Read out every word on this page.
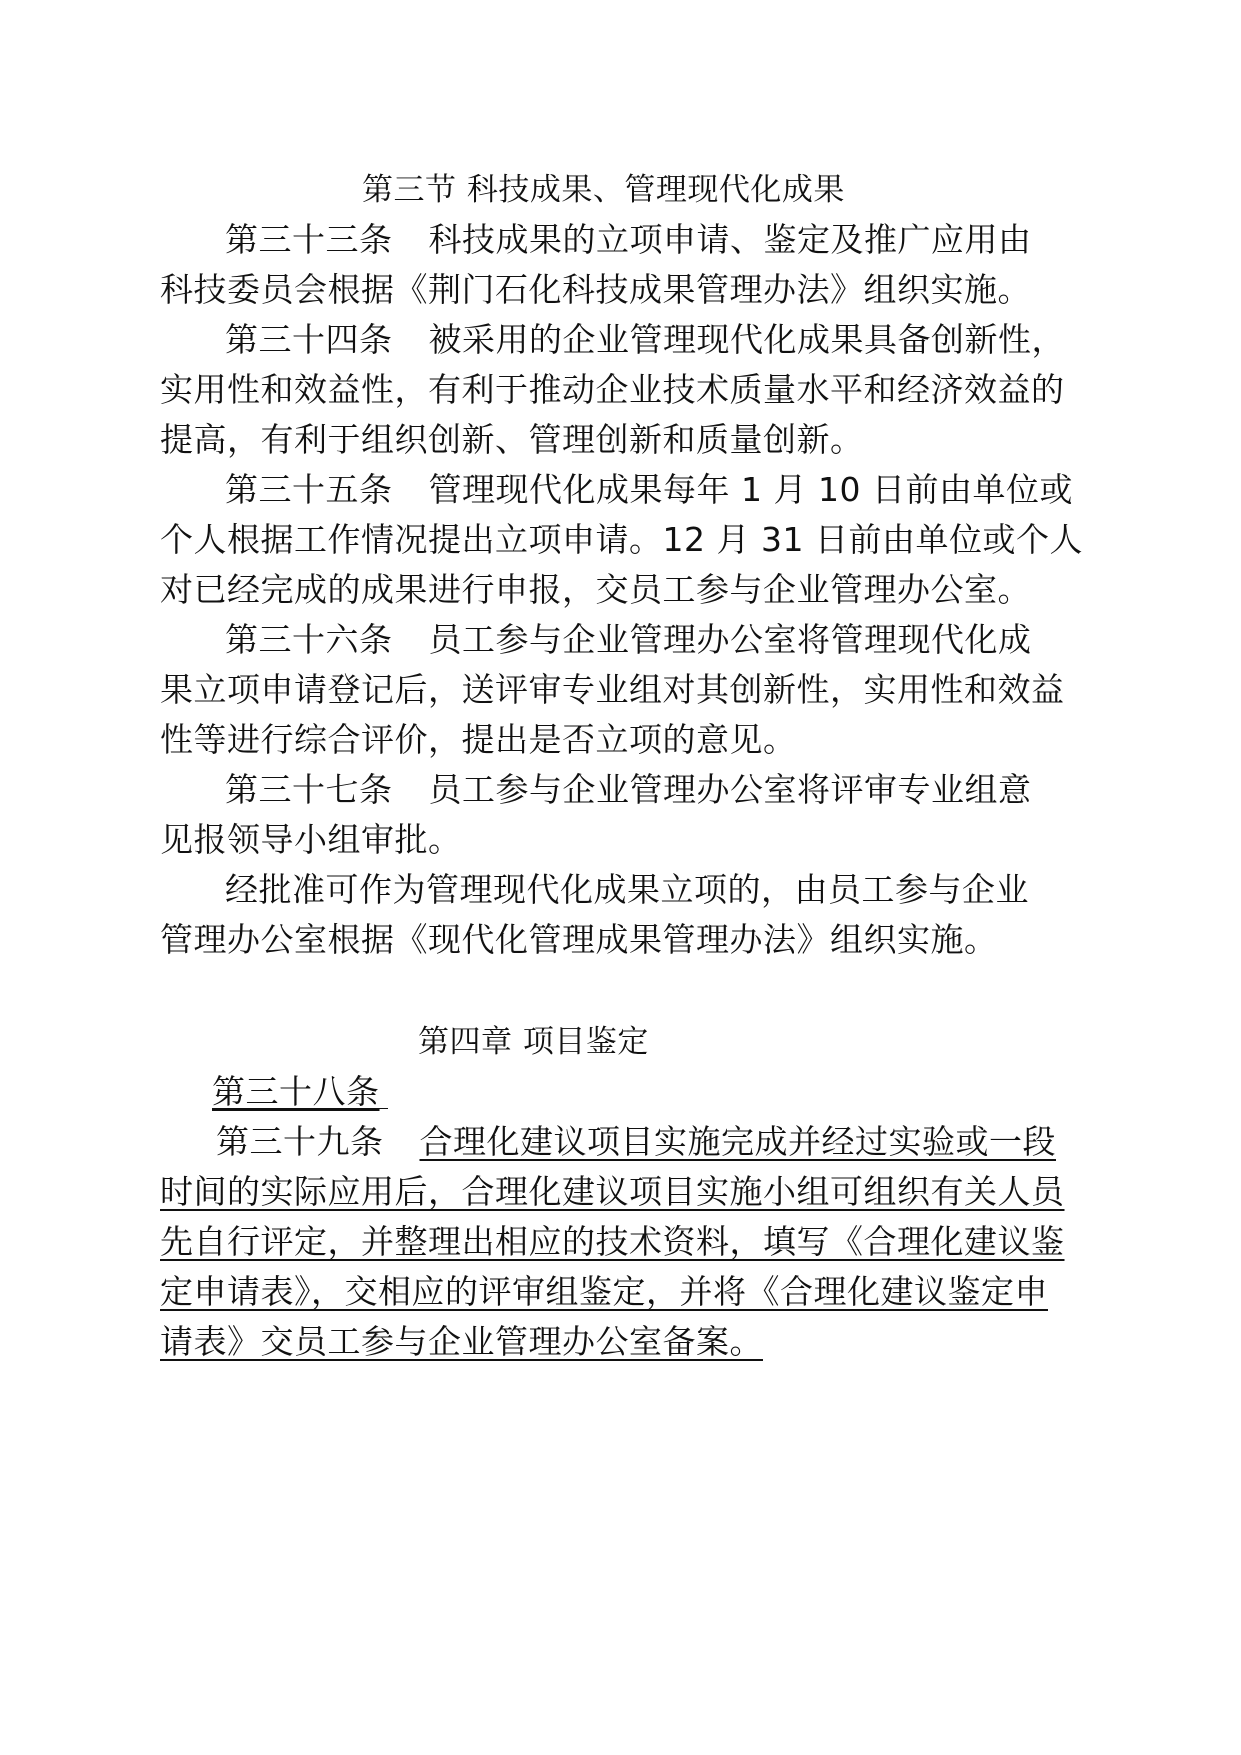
第三节 科技成果、管理现代化成果
第三十三条 科技成果的立项申请、鉴定及推广应用由
科技委员会根据《荆门石化科技成果管理办法》组织实施。
第三十四条 被采用的企业管理现代化成果具备创新性，
实用性和效益性，有利于推动企业技术质量水平和经济效益的
提高，有利于组织创新、管理创新和质量创新。
第三十五条 管理现代化成果每年 1 月 10 日前由单位或
个人根据工作情况提出立项申请。12 月 31 日前由单位或个人
对已经完成的成果进行申报，交员工参与企业管理办公室。
第三十六条 员工参与企业管理办公室将管理现代化成
果立项申请登记后，送评审专业组对其创新性，实用性和效益
性等进行综合评价，提出是否立项的意见。
第三十七条 员工参与企业管理办公室将评审专业组意
见报领导小组审批。
经批准可作为管理现代化成果立项的，由员工参与企业
管理办公室根据《现代化管理成果管理办法》组织实施。
第四章 项目鉴定
第三十八条
第三十九条 合理化建议项目实施完成并经过实验或一段
时间的实际应用后，合理化建议项目实施小组可组织有关人员
先自行评定，并整理出相应的技术资料，填写《合理化建议鉴
定申请表》，交相应的评审组鉴定，并将《合理化建议鉴定申
请表》交员工参与企业管理办公室备案。
